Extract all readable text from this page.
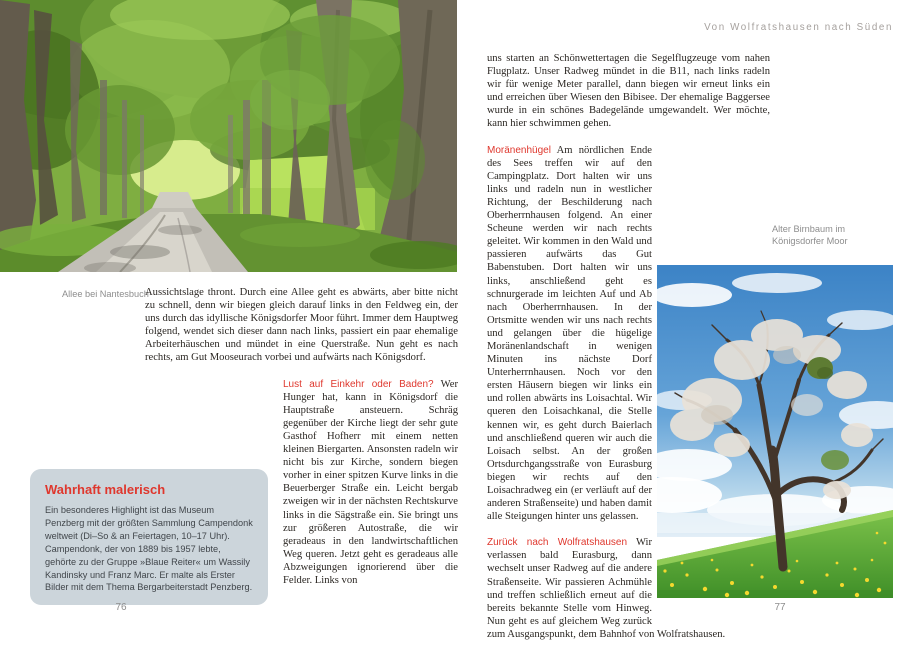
Allee bei Nantesbuch

Aussichtslage thront. Durch eine Allee geht es abwärts, aber bitte nicht zu schnell, denn wir biegen gleich darauf links in den Feldweg ein, der uns durch das idyllische Königsdorfer Moor führt. Immer dem Hauptweg folgend, wendet sich dieser dann nach links, passiert ein paar ehemalige Arbeiterhäuschen und mündet in eine Querstraße. Nun geht es nach rechts, am Gut Mooseurach vorbei und aufwärts nach Königsdorf.

Lust auf Einkehr oder Baden? Wer Hunger hat, kann in Königsdorf die Hauptstraße ansteuern. Schräg gegenüber der Kirche liegt der sehr gute Gasthof Hofherr mit einem netten kleinen Biergarten. Ansonsten radeln wir nicht bis zur Kirche, sondern biegen vorher in einer spitzen Kurve links in die Beuerberger Straße ein. Leicht bergab zweigen wir in der nächsten Rechtskurve links in die Sägstraße ein. Sie bringt uns zur größeren Autostraße, die wir geradeaus in den landwirtschaftlichen Weg queren. Jetzt geht es geradeaus alle Abzweigungen ignorierend über die Felder. Links von

Wahrhaft malerisch
Ein besonderes Highlight ist das Museum Penzberg mit der größten Sammlung Campendonk weltweit (Di–So & an Feiertagen, 10–17 Uhr). Campendonk, der von 1889 bis 1957 lebte, gehörte zu der Gruppe »Blaue Reiter« um Wassily Kandinsky und Franz Marc. Er malte als Erster Bilder mit dem Thema Bergarbeiterstadt Penzberg.
76
Von Wolfratshausen nach Süden

uns starten an Schönwettertagen die Segelflugzeuge vom nahen Flugplatz. Unser Radweg mündet in die B11, nach links radeln wir für wenige Meter parallel, dann biegen wir erneut links ein und erreichen über Wiesen den Bibisee. Der ehemalige Baggersee wurde in ein schönes Badegelände umgewandelt. Wer möchte, kann hier schwimmen gehen.

Moränenhügel Am nördlichen Ende des Sees treffen wir auf den Campingplatz. Dort halten wir uns links und radeln nun in westlicher Richtung, der Beschilderung nach Oberherrnhausen folgend. An einer Scheune werden wir nach rechts geleitet. Wir kommen in den Wald und passieren aufwärts das Gut Babenstuben. Dort halten wir uns links, anschließend geht es schnurgerade im leichten Auf und Ab nach Oberherrnhausen. In der Ortsmitte wenden wir uns nach rechts und gelangen über die hügelige Moränenlandschaft in wenigen Minuten ins nächste Dorf Unterherrnhausen. Noch vor den ersten Häusern biegen wir links ein und rollen abwärts ins Loisachtal. Wir queren den Loisachkanal, die Stelle kennen wir, es geht durch Baierlach und anschließend queren wir auch die Loisach selbst. An der großen Ortsdurchgangsstraße von Eurasburg biegen wir rechts auf den Loisachradweg ein (er verläuft auf der anderen Straßenseite) und haben damit alle Steigungen hinter uns gelassen.

Zurück nach Wolfratshausen Wir verlassen bald Eurasburg, dann wechselt unser Radweg auf die andere Straßenseite. Wir passieren Achmühle und treffen schließlich erneut auf die bereits bekannte Stelle vom Hinweg. Nun geht es auf gleichem Weg zurück zum Ausgangspunkt, dem Bahnhof von Wolfratshausen.

Alter Birnbaum im Königsdorfer Moor
77
